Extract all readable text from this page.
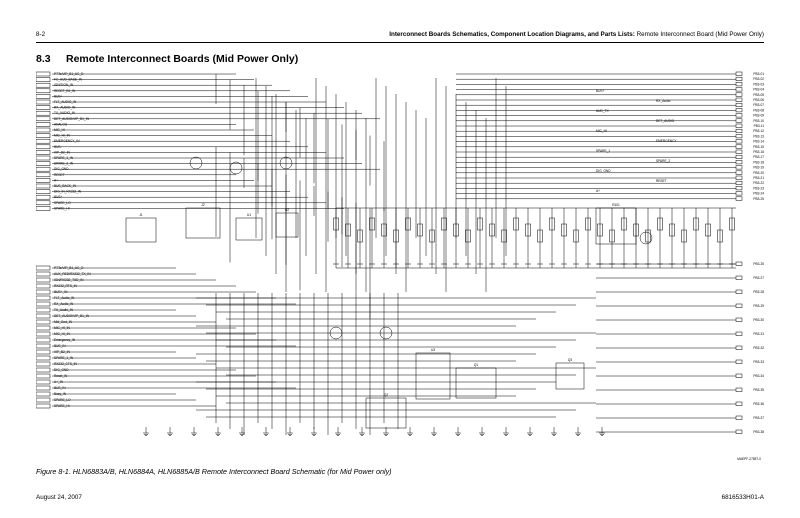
8-2	Interconnect Boards Schematics, Component Location Diagrams, and Parts Lists: Remote Interconnect Board (Mid Power Only)
8.3 Remote Interconnect Boards (Mid Power Only)
PTTe/VIP_B1_AC_D
FC_AUD_BASE_IN
IGNITION_IN
RESET_B1_IN
BUS+
FLT_AUDIO_IN
RX_AUDIO_IN
TX_AUDIO_IN
DET_AUDIO/VIP_B1_IN
ANALOG
MIC_HI
MIC_HI_IN
EMERGENCY_IN
BUS-
VIP_B2_IN
SPARE_1_IN
SPARE_2_IN
DIG_GND
RESET
A+
BUS_BACK_IN
DIG_IN_RX232_IN
BUS+
SPARE_LO
SPARE_HI
PTTe/VIP_B1_AC_D
AUX_RED/RX232_TX_IN
IGN/RX232_TXD_IN
RX232_RTS_IN
BUS+_IN
FLT_Audio_IN
RX_Audio_IN
TX_Audio_IN
DET_AUDIO/VIP_B1_IN
Mid_Gnd_IN
MIC_HI_IN
MIC_HI_IN
Emergency_IN
BUS_IN
VIP_B2_IN
SPARE_1_IN
RX232_CTS_IN
DIG_GND
Reset_IN
A+_IN
BUS_IN
Busy_IN
SPARE_LO
SPARE_HI
PB3-01
PB3-02
PB3-03
PB3-04
PB3-05
PB3-06
PB3-07
PB3-08
PB3-09
PB3-10
PB3-11
PB3-12
PB3-13
PB3-14
PB3-15
PB3-16
PB3-17
PB3-18
PB3-19
PB3-20
PB3-21
PB3-22
PB3-23
PB3-24
PB3-25
PB3-26
PB3-27
PB3-28
PB3-29
PB3-30
PB3-31
PB3-32
PB3-33
PB3-34
PB3-35
PB3-36
PB3-37
PB3-38
BUS+
RX_Audio
AUD_TX
DET_AUDIO
MIC_HI
EMERGENCY
SPARE_1
SPARE_2
DIG_GND
RESET
A+
J1
J2
U1
U2
U3
Q1
Q2
Q3
R101
MAEPF-27857-0
Figure 8-1. HLN6883A/B, HLN6884A, HLN6885A/B Remote Interconnect Board Schematic (for Mid Power only)
August 24, 2007	6816533H01-A
